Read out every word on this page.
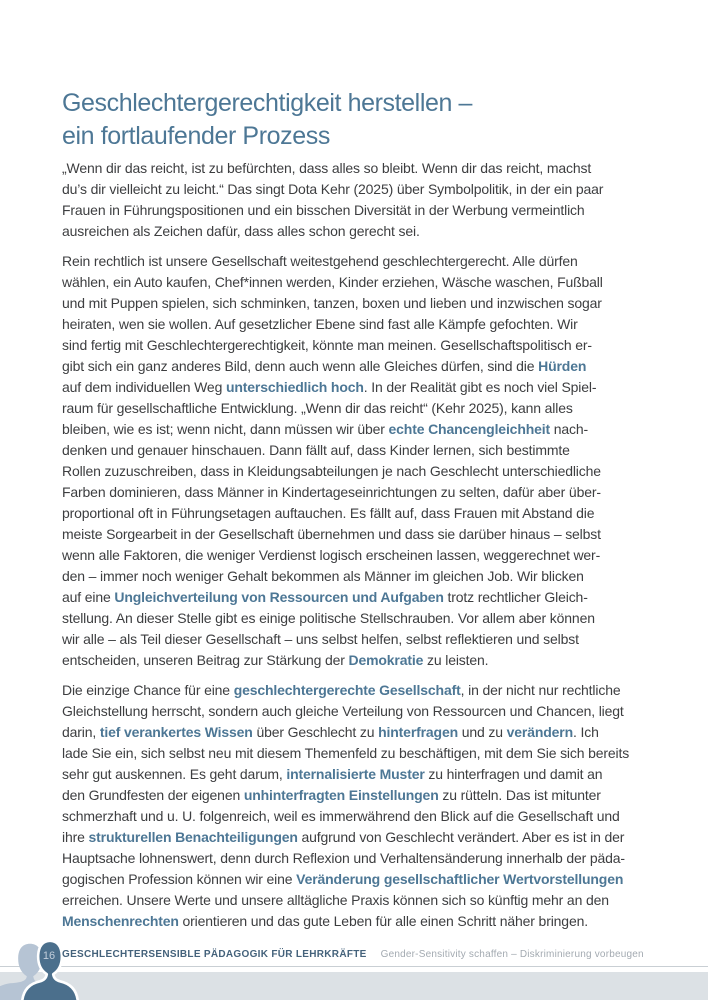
Geschlechtergerechtigkeit herstellen –
ein fortlaufender Prozess

„Wenn dir das reicht, ist zu befürchten, dass alles so bleibt. Wenn dir das reicht, machst
du’s dir vielleicht zu leicht.“ Das singt Dota Kehr (2025) über Symbolpolitik, in der ein paar
Frauen in Führungspositionen und ein bisschen Diversität in der Werbung vermeintlich
ausreichen als Zeichen dafür, dass alles schon gerecht sei.

Rein rechtlich ist unsere Gesellschaft weitestgehend geschlechtergerecht. Alle dürfen
wählen, ein Auto kaufen, Chef*innen werden, Kinder erziehen, Wäsche waschen, Fußball
und mit Puppen spielen, sich schminken, tanzen, boxen und lieben und inzwischen sogar
heiraten, wen sie wollen. Auf gesetzlicher Ebene sind fast alle Kämpfe gefochten. Wir
sind fertig mit Geschlechtergerechtigkeit, könnte man meinen. Gesellschaftspolitisch er-
gibt sich ein ganz anderes Bild, denn auch wenn alle Gleiches dürfen, sind die Hürden
auf dem individuellen Weg unterschiedlich hoch. In der Realität gibt es noch viel Spiel-
raum für gesellschaftliche Entwicklung. „Wenn dir das reicht“ (Kehr 2025), kann alles
bleiben, wie es ist; wenn nicht, dann müssen wir über echte Chancengleichheit nach-
denken und genauer hinschauen. Dann fällt auf, dass Kinder lernen, sich bestimmte
Rollen zuzuschreiben, dass in Kleidungsabteilungen je nach Geschlecht unterschiedliche
Farben dominieren, dass Männer in Kindertageseinrichtungen zu selten, dafür aber über-
proportional oft in Führungsetagen auftauchen. Es fällt auf, dass Frauen mit Abstand die
meiste Sorgearbeit in der Gesellschaft übernehmen und dass sie darüber hinaus – selbst
wenn alle Faktoren, die weniger Verdienst logisch erscheinen lassen, weggerechnet wer-
den – immer noch weniger Gehalt bekommen als Männer im gleichen Job. Wir blicken
auf eine Ungleichverteilung von Ressourcen und Aufgaben trotz rechtlicher Gleich-
stellung. An dieser Stelle gibt es einige politische Stellschrauben. Vor allem aber können
wir alle – als Teil dieser Gesellschaft – uns selbst helfen, selbst reflektieren und selbst
entscheiden, unseren Beitrag zur Stärkung der Demokratie zu leisten.

Die einzige Chance für eine geschlechtergerechte Gesellschaft, in der nicht nur rechtliche
Gleichstellung herrscht, sondern auch gleiche Verteilung von Ressourcen und Chancen, liegt
darin, tief verankertes Wissen über Geschlecht zu hinterfragen und zu verändern. Ich
lade Sie ein, sich selbst neu mit diesem Themenfeld zu beschäftigen, mit dem Sie sich bereits
sehr gut auskennen. Es geht darum, internalisierte Muster zu hinterfragen und damit an
den Grundfesten der eigenen unhinterfragten Einstellungen zu rütteln. Das ist mitunter
schmerzhaft und u. U. folgenreich, weil es immerwährend den Blick auf die Gesellschaft und
ihre strukturellen Benachteiligungen aufgrund von Geschlecht verändert. Aber es ist in der
Hauptsache lohnenswert, denn durch Reflexion und Verhaltensänderung innerhalb der päda-
gogischen Profession können wir eine Veränderung gesellschaftlicher Wertvorstellungen
erreichen. Unsere Werte und unsere alltägliche Praxis können sich so künftig mehr an den
Menschenrechten orientieren und das gute Leben für alle einen Schritt näher bringen.

16 GESCHLECHTERSENSIBLE PÄDAGOGIK FÜR LEHRKRÄFTE Gender-Sensitivity schaffen – Diskriminierung vorbeugen
